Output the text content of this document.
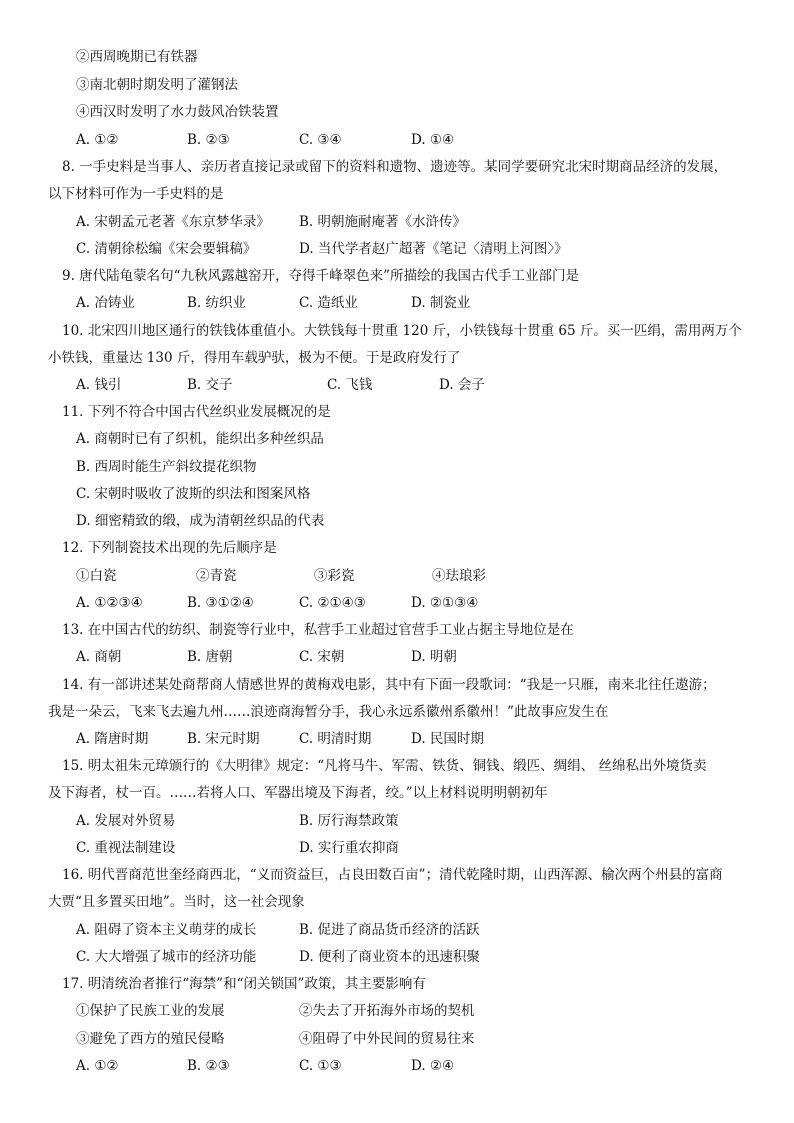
②西周晚期已有铁器
③南北朝时期发明了灌钢法
④西汉时发明了水力鼓风冶铁装置
A. ①②	B. ②③	C. ③④	D. ①④
8. 一手史料是当事人、亲历者直接记录或留下的资料和遗物、遗迹等。某同学要研究北宋时期商品经济的发展，
以下材料可作为一手史料的是
A. 宋朝孟元老著《东京梦华录》 B. 明朝施耐庵著《水浒传》
C. 清朝徐松编《宋会要辑稿》	D. 当代学者赵广超著《笔记〈清明上河图〉》
9. 唐代陆龟蒙名句“九秋风露越窑开，夺得千峰翠色来”所描绘的我国古代手工业部门是
A. 冶铸业	B. 纺织业	C. 造纸业	D. 制瓷业
10. 北宋四川地区通行的铁钱体重值小。大铁钱每十贯重 120 斤，小铁钱每十贯重 65 斤。买一匹绢，需用两万个
小铁钱，重量达 130 斤，得用车载驴驮，极为不便。于是政府发行了
A. 钱引	B. 交子	C. 飞钱	D. 会子
11. 下列不符合中国古代丝织业发展概况的是
A. 商朝时已有了织机，能织出多种丝织品
B. 西周时能生产斜纹提花织物
C. 宋朝时吸收了波斯的织法和图案风格
D. 细密精致的缎，成为清朝丝织品的代表
12. 下列制瓷技术出现的先后顺序是
①白瓷	②青瓷	③彩瓷	④珐琅彩
A. ①②③④	B. ③①②④	C. ②①④③	D. ②①③④
13. 在中国古代的纺织、制瓷等行业中，私营手工业超过官营手工业占据主导地位是在
A. 商朝	B. 唐朝	C. 宋朝	D. 明朝
14. 有一部讲述某处商帮商人情感世界的黄梅戏电影，其中有下面一段歌词：“我是一只雁，南来北往任遨游；
我是一朵云，飞来飞去遍九州……浪迹商海暂分手，我心永远系徽州系徽州！”此故事应发生在
A. 隋唐时期	B. 宋元时期	C. 明清时期	D. 民国时期
15. 明太祖朱元璋颁行的《大明律》规定：“凡将马牛、军需、铁货、铜钱、缎匹、绸绢、 丝绵私出外境货卖
及下海者，杖一百。……若将人口、军器出境及下海者，绞。”以上材料说明明朝初年
A. 发展对外贸易	B. 厉行海禁政策
C. 重视法制建设	D. 实行重农抑商
16. 明代晋商范世奎经商西北，“义而资益巨，占良田数百亩”；清代乾隆时期，山西浑源、榆次两个州县的富商
大贾“且多置买田地”。当时，这一社会现象
A. 阻碍了资本主义萌芽的成长	B. 促进了商品货币经济的活跃
C. 大大增强了城市的经济功能	D. 便利了商业资本的迅速积聚
17. 明清统治者推行“海禁”和“闭关锁国”政策，其主要影响有
①保护了民族工业的发展	②失去了开拓海外市场的契机
③避免了西方的殖民侵略	④阻碍了中外民间的贸易往来
A. ①②	B. ②③	C. ①③	D. ②④
